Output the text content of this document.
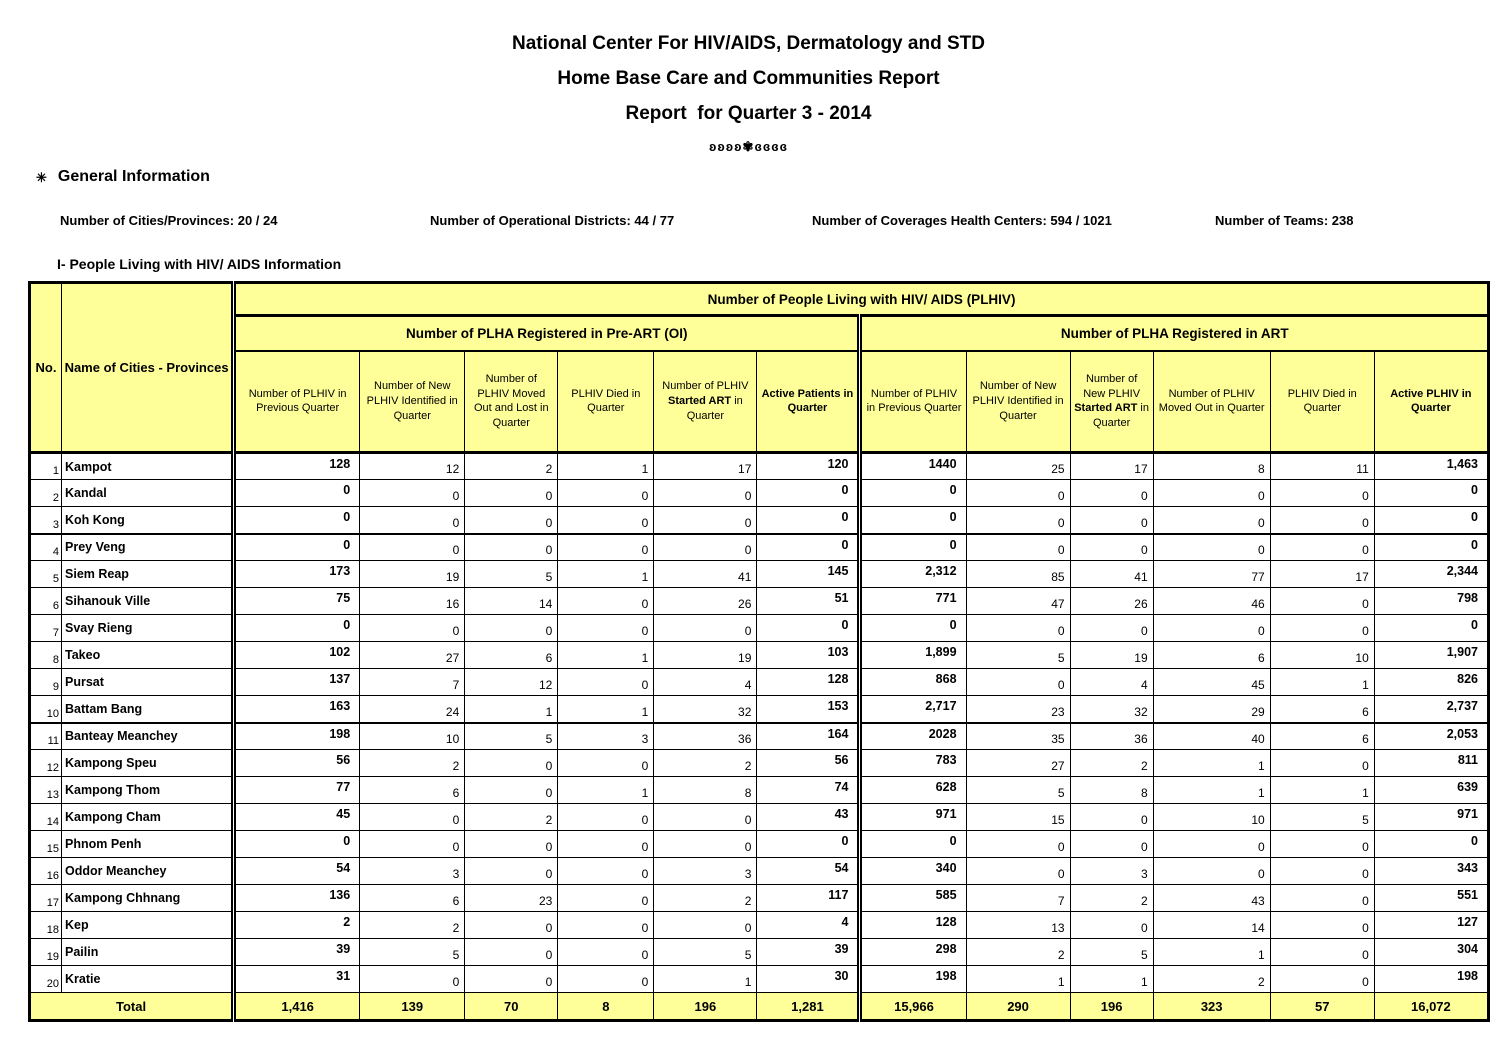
National Center For HIV/AIDS, Dermatology and STD
Home Base Care and Communities Report
Report  for Quarter 3 - 2014
ʚʚʚʚ✾ɞɞɞɞ
✳ General Information
Number of Cities/Provinces: 20 / 24	Number of Operational Districts: 44 / 77	Number of Coverages Health Centers: 594 / 1021	Number of Teams: 238
I- People Living with HIV/ AIDS Information
No.	Name of Cities - Provinces	Number of People Living with HIV/ AIDS (PLHIV)											
		Number of PLHA Registered in Pre-ART (OI)						Number of PLHA Registered in ART					
		Number of PLHIV in Previous Quarter	Number of New PLHIV Identified in Quarter	Number of PLHIV Moved Out and Lost in Quarter	PLHIV Died in Quarter	Number of PLHIV Started ART in Quarter	Active Patients in Quarter	Number of PLHIV in Previous Quarter	Number of New PLHIV Identified in Quarter	Number of New PLHIV Started ART in Quarter	Number of PLHIV Moved Out in Quarter	PLHIV Died in Quarter	Active PLHIV in Quarter
1	Kampot	128	12	2	1	17	120	1440	25	17	8	11	1,463
2	Kandal	0	0	0	0	0	0	0	0	0	0	0	0
3	Koh Kong	0	0	0	0	0	0	0	0	0	0	0	0
4	Prey Veng	0	0	0	0	0	0	0	0	0	0	0	0
5	Siem Reap	173	19	5	1	41	145	2,312	85	41	77	17	2,344
6	Sihanouk Ville	75	16	14	0	26	51	771	47	26	46	0	798
7	Svay Rieng	0	0	0	0	0	0	0	0	0	0	0	0
8	Takeo	102	27	6	1	19	103	1,899	5	19	6	10	1,907
9	Pursat	137	7	12	0	4	128	868	0	4	45	1	826
10	Battam Bang	163	24	1	1	32	153	2,717	23	32	29	6	2,737
11	Banteay Meanchey	198	10	5	3	36	164	2028	35	36	40	6	2,053
12	Kampong Speu	56	2	0	0	2	56	783	27	2	1	0	811
13	Kampong Thom	77	6	0	1	8	74	628	5	8	1	1	639
14	Kampong Cham	45	0	2	0	0	43	971	15	0	10	5	971
15	Phnom Penh	0	0	0	0	0	0	0	0	0	0	0	0
16	Oddor Meanchey	54	3	0	0	3	54	340	0	3	0	0	343
17	Kampong Chhnang	136	6	23	0	2	117	585	7	2	43	0	551
18	Kep	2	2	0	0	0	4	128	13	0	14	0	127
19	Pailin	39	5	0	0	5	39	298	2	5	1	0	304
20	Kratie	31	0	0	0	1	30	198	1	1	2	0	198
Total		1,416	139	70	8	196	1,281	15,966	290	196	323	57	16,072
